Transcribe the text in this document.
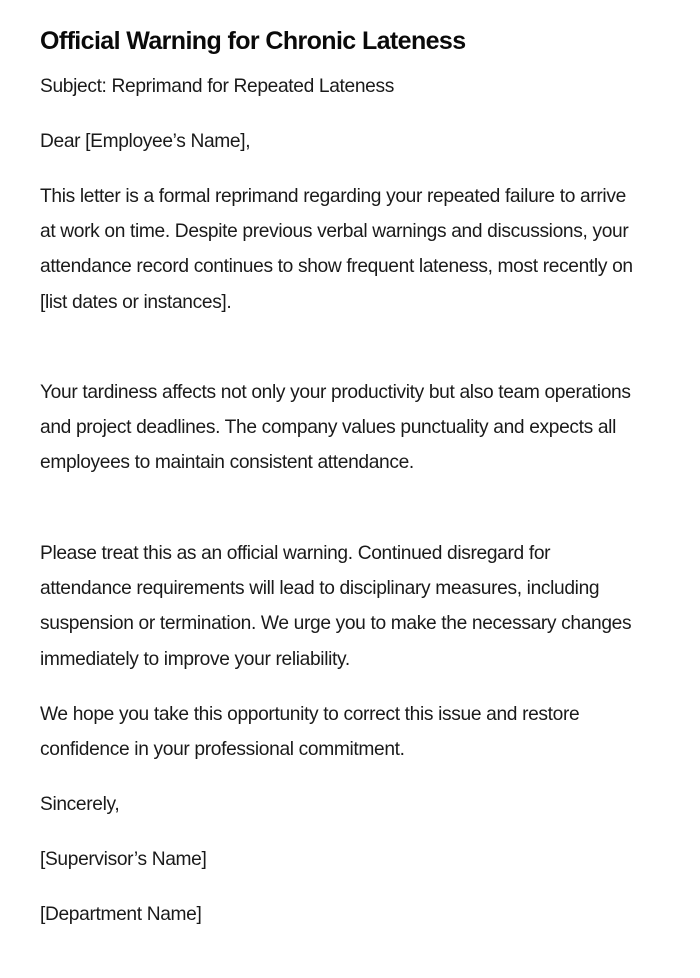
Official Warning for Chronic Lateness

Subject: Reprimand for Repeated Lateness

Dear [Employee’s Name],

This letter is a formal reprimand regarding your repeated failure to arrive at work on time. Despite previous verbal warnings and discussions, your attendance record continues to show frequent lateness, most recently on [list dates or instances].

Your tardiness affects not only your productivity but also team operations and project deadlines. The company values punctuality and expects all employees to maintain consistent attendance.

Please treat this as an official warning. Continued disregard for attendance requirements will lead to disciplinary measures, including suspension or termination. We urge you to make the necessary changes immediately to improve your reliability.

We hope you take this opportunity to correct this issue and restore confidence in your professional commitment.

Sincerely,

[Supervisor’s Name]

[Department Name]
